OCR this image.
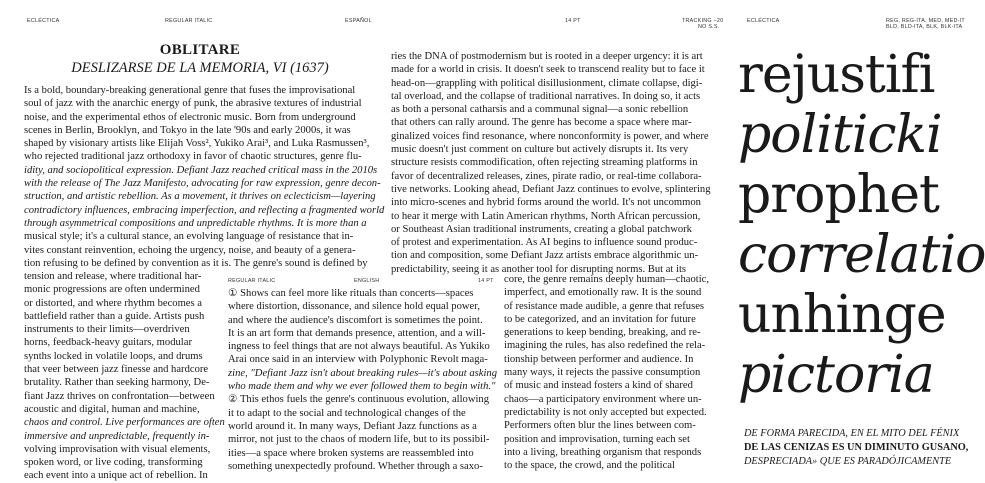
ECLÉCTICA	REGULAR ITALIC	ESPAÑOL	14 PT	TRACKING –20
NO S.S.
ECLÉCTICA	REG, REG-ITA, MED, MED-IT
BLD, BLD-ITA, BLK, BLK-ITA
OBLITARE
DESLIZARSE DE LA MEMORIA, VI (1637)
Is a bold, boundary-breaking generational genre that fuses the improvisational
soul of jazz with the anarchic energy of punk, the abrasive textures of industrial
noise, and the experimental ethos of electronic music. Born from underground
scenes in Berlin, Brooklyn, and Tokyo in the late '90s and early 2000s, it was
shaped by visionary artists like Elijah Voss², Yukiko Arai³, and Luka Rasmussen³,
who rejected traditional jazz orthodoxy in favor of chaotic structures, genre flu-
idity, and sociopolitical expression. Defiant Jazz reached critical mass in the 2010s
with the release of The Jazz Manifesto, advocating for raw expression, genre decon-
struction, and artistic rebellion. As a movement, it thrives on eclecticism—layering
contradictory influences, embracing imperfection, and reflecting a fragmented world
through asymmetrical compositions and unpredictable rhythms. It is more than a
musical style; it's a cultural stance, an evolving language of resistance that in-
vites constant reinvention, echoing the urgency, noise, and beauty of a genera-
tion refusing to be defined by convention as it is. The genre's sound is defined by
tension and release, where traditional har-
monic progressions are often undermined
or distorted, and where rhythm becomes a
battlefield rather than a guide. Artists push
instruments to their limits—overdriven
horns, feedback-heavy guitars, modular
synths locked in volatile loops, and drums
that veer between jazz finesse and hardcore
brutality. Rather than seeking harmony, De-
fiant Jazz thrives on confrontation—between
acoustic and digital, human and machine,
chaos and control. Live performances are often
immersive and unpredictable, frequently in-
volving improvisation with visual elements,
spoken word, or live coding, transforming
each event into a unique act of rebellion. In
REGULAR ITALIC	ENGLISH	14 PT
① Shows can feel more like rituals than concerts—spaces
where distortion, dissonance, and silence hold equal power,
and where the audience's discomfort is sometimes the point.
It is an art form that demands presence, attention, and a will-
ingness to feel things that are not always beautiful. As Yukiko
Arai once said in an interview with Polyphonic Revolt maga-
zine, "Defiant Jazz isn't about breaking rules—it's about asking
who made them and why we ever followed them to begin with."
② This ethos fuels the genre's continuous evolution, allowing
it to adapt to the social and technological changes of the
world around it. In many ways, Defiant Jazz functions as a
mirror, not just to the chaos of modern life, but to its possibil-
ities—a space where broken systems are reassembled into
something unexpectedly profound. Whether through a saxo-
ries the DNA of postmodernism but is rooted in a deeper urgency: it is art
made for a world in crisis. It doesn't seek to transcend reality but to face it
head-on—grappling with political disillusionment, climate collapse, digi-
tal overload, and the collapse of traditional narratives. In doing so, it acts
as both a personal catharsis and a communal signal—a sonic rebellion
that others can rally around. The genre has become a space where mar-
ginalized voices find resonance, where nonconformity is power, and where
music doesn't just comment on culture but actively disrupts it. Its very
structure resists commodification, often rejecting streaming platforms in
favor of decentralized releases, zines, pirate radio, or real-time collabora-
tive networks. Looking ahead, Defiant Jazz continues to evolve, splintering
into micro-scenes and hybrid forms around the world. It's not uncommon
to hear it merge with Latin American rhythms, North African percussion,
or Southeast Asian traditional instruments, creating a global patchwork
of protest and experimentation. As AI begins to influence sound produc-
tion and composition, some Defiant Jazz artists embrace algorithmic un-
predictability, seeing it as another tool for disrupting norms. But at its
core, the genre remains deeply human—chaotic,
imperfect, and emotionally raw. It is the sound
of resistance made audible, a genre that refuses
to be categorized, and an invitation for future
generations to keep bending, breaking, and re-
imagining the rules, has also redefined the rela-
tionship between performer and audience. In
many ways, it rejects the passive consumption
of music and instead fosters a kind of shared
chaos—a participatory environment where un-
predictability is not only accepted but expected.
Performers often blur the lines between com-
position and improvisation, turning each set
into a living, breathing organism that responds
to the space, the crowd, and the political
rejustifi
politicki
prophet
correlatio
unhinge
pictoria
DE FORMA PARECIDA, EN EL MITO DEL FÉNIX
DE LAS CENIZAS ES UN DIMINUTO GUSANO,
DESPRECIADA» QUE ES PARADÓJICAMENTE
